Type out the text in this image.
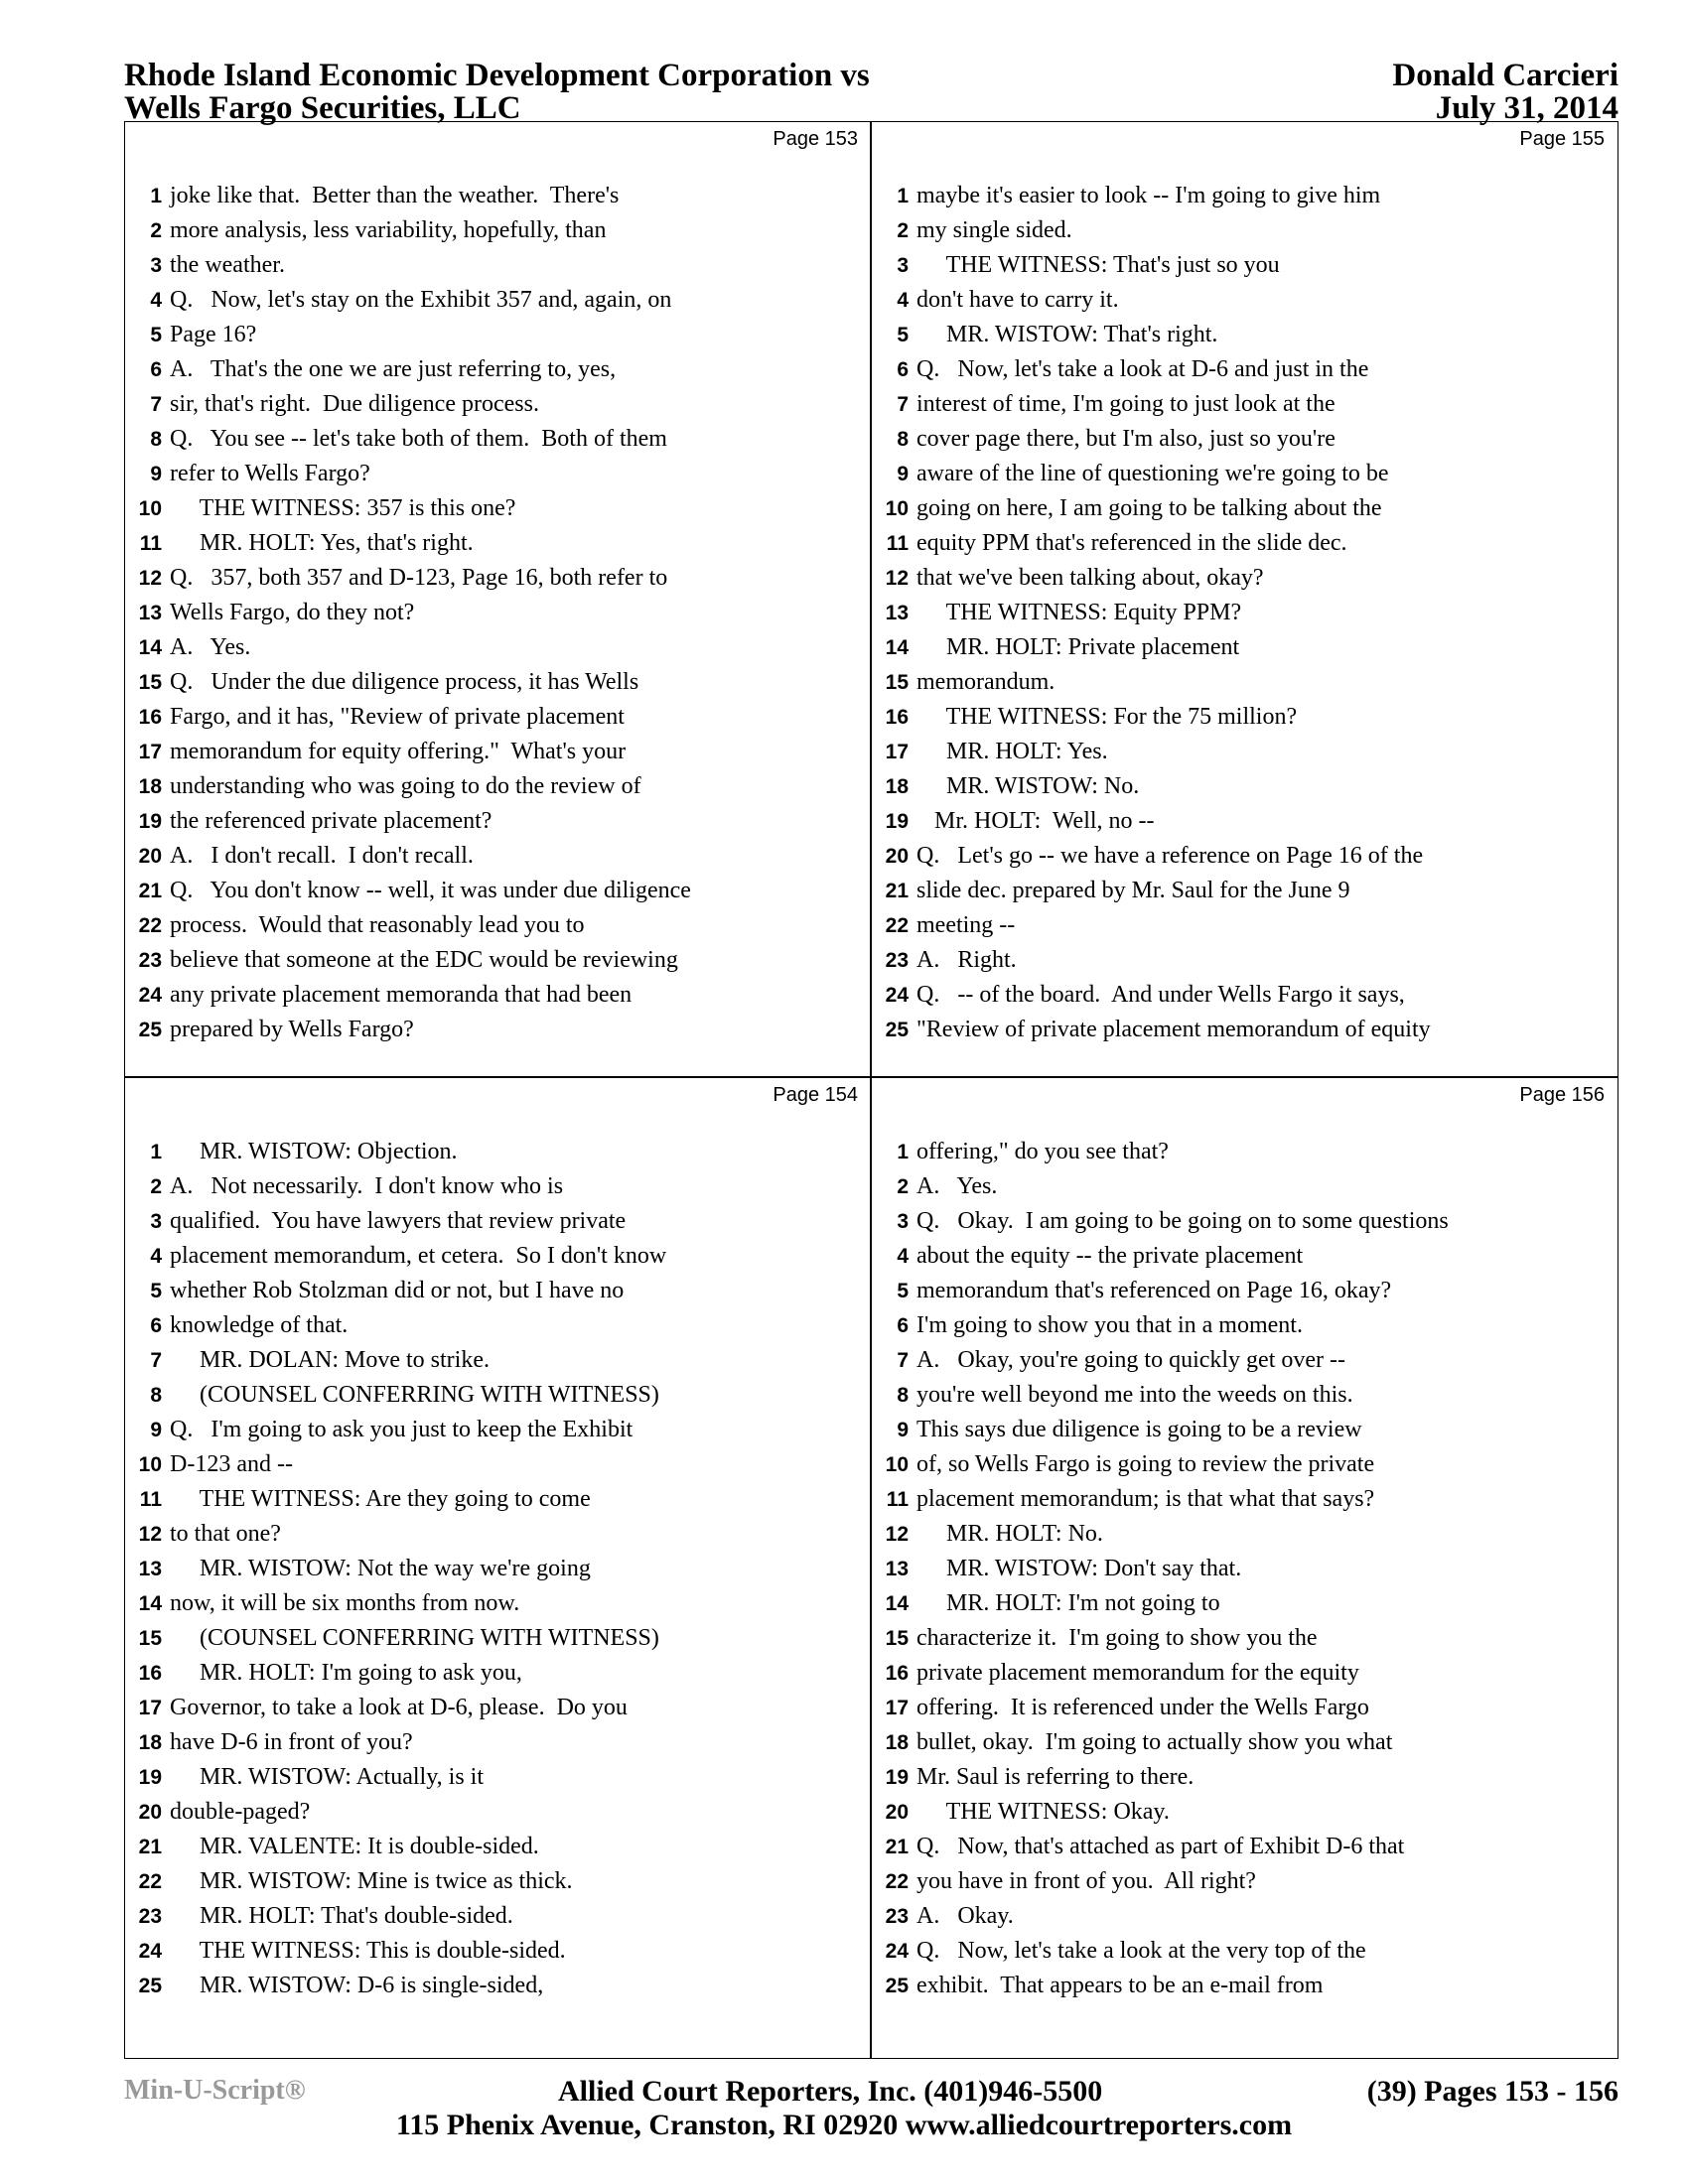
Rhode Island Economic Development Corporation vs
Wells Fargo Securities, LLC
Donald Carcieri
July 31, 2014
Page 153
1 joke like that.  Better than the weather.  There's
2 more analysis, less variability, hopefully, than
3 the weather.
4 Q.   Now, let's stay on the Exhibit 357 and, again, on
5 Page 16?
6 A.   That's the one we are just referring to, yes,
7 sir, that's right.  Due diligence process.
8 Q.   You see -- let's take both of them.  Both of them
9 refer to Wells Fargo?
10     THE WITNESS: 357 is this one?
11     MR. HOLT: Yes, that's right.
12 Q.   357, both 357 and D-123, Page 16, both refer to
13 Wells Fargo, do they not?
14 A.   Yes.
15 Q.   Under the due diligence process, it has Wells
16 Fargo, and it has, "Review of private placement
17 memorandum for equity offering."  What's your
18 understanding who was going to do the review of
19 the referenced private placement?
20 A.   I don't recall.  I don't recall.
21 Q.   You don't know -- well, it was under due diligence
22 process.  Would that reasonably lead you to
23 believe that someone at the EDC would be reviewing
24 any private placement memoranda that had been
25 prepared by Wells Fargo?
Page 155
1 maybe it's easier to look -- I'm going to give him
2 my single sided.
3     THE WITNESS: That's just so you
4 don't have to carry it.
5     MR. WISTOW: That's right.
6 Q.   Now, let's take a look at D-6 and just in the
7 interest of time, I'm going to just look at the
8 cover page there, but I'm also, just so you're
9 aware of the line of questioning we're going to be
10 going on here, I am going to be talking about the
11 equity PPM that's referenced in the slide dec.
12 that we've been talking about, okay?
13     THE WITNESS: Equity PPM?
14     MR. HOLT: Private placement
15 memorandum.
16     THE WITNESS: For the 75 million?
17     MR. HOLT: Yes.
18     MR. WISTOW: No.
19   Mr. HOLT:  Well, no --
20 Q.   Let's go -- we have a reference on Page 16 of the
21 slide dec. prepared by Mr. Saul for the June 9
22 meeting --
23 A.   Right.
24 Q.   -- of the board.  And under Wells Fargo it says,
25 "Review of private placement memorandum of equity
Page 154
1     MR. WISTOW: Objection.
2 A.   Not necessarily.  I don't know who is
3 qualified.  You have lawyers that review private
4 placement memorandum, et cetera.  So I don't know
5 whether Rob Stolzman did or not, but I have no
6 knowledge of that.
7     MR. DOLAN: Move to strike.
8     (COUNSEL CONFERRING WITH WITNESS)
9 Q.   I'm going to ask you just to keep the Exhibit
10 D-123 and --
11     THE WITNESS: Are they going to come
12 to that one?
13     MR. WISTOW: Not the way we're going
14 now, it will be six months from now.
15     (COUNSEL CONFERRING WITH WITNESS)
16     MR. HOLT: I'm going to ask you,
17 Governor, to take a look at D-6, please.  Do you
18 have D-6 in front of you?
19     MR. WISTOW: Actually, is it
20 double-paged?
21     MR. VALENTE: It is double-sided.
22     MR. WISTOW: Mine is twice as thick.
23     MR. HOLT: That's double-sided.
24     THE WITNESS: This is double-sided.
25     MR. WISTOW: D-6 is single-sided,
Page 156
1 offering," do you see that?
2 A.   Yes.
3 Q.   Okay.  I am going to be going on to some questions
4 about the equity -- the private placement
5 memorandum that's referenced on Page 16, okay?
6 I'm going to show you that in a moment.
7 A.   Okay, you're going to quickly get over --
8 you're well beyond me into the weeds on this.
9 This says due diligence is going to be a review
10 of, so Wells Fargo is going to review the private
11 placement memorandum; is that what that says?
12     MR. HOLT: No.
13     MR. WISTOW: Don't say that.
14     MR. HOLT: I'm not going to
15 characterize it.  I'm going to show you the
16 private placement memorandum for the equity
17 offering.  It is referenced under the Wells Fargo
18 bullet, okay.  I'm going to actually show you what
19 Mr. Saul is referring to there.
20     THE WITNESS: Okay.
21 Q.   Now, that's attached as part of Exhibit D-6 that
22 you have in front of you.  All right?
23 A.   Okay.
24 Q.   Now, let's take a look at the very top of the
25 exhibit.  That appears to be an e-mail from
Min-U-Script®	Allied Court Reporters, Inc. (401)946-5500	(39) Pages 153 - 156
115 Phenix Avenue, Cranston, RI 02920 www.alliedcourtreporters.com
